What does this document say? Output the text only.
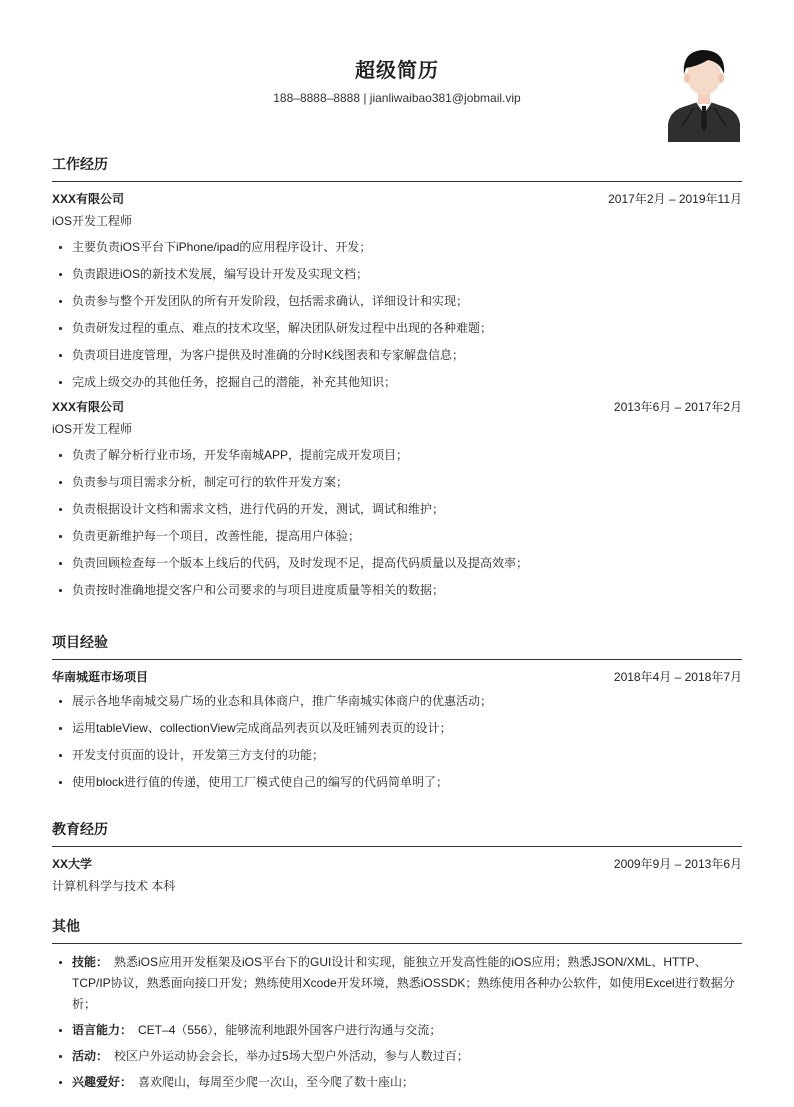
超级简历
188–8888–8888 | jianliwaibao381@jobmail.vip
工作经历
XXX有限公司	2017年2月 – 2019年11月
iOS开发工程师
• 主要负责iOS平台下iPhone/ipad的应用程序设计、开发；
• 负责跟进iOS的新技术发展，编写设计开发及实现文档；
• 负责参与整个开发团队的所有开发阶段，包括需求确认，详细设计和实现；
• 负责研发过程的重点、难点的技术攻坚，解决团队研发过程中出现的各种难题；
• 负责项目进度管理，为客户提供及时准确的分时K线图表和专家解盘信息；
• 完成上级交办的其他任务，挖掘自己的潜能，补充其他知识；
XXX有限公司	2013年6月 – 2017年2月
iOS开发工程师
• 负责了解分析行业市场，开发华南城APP，提前完成开发项目；
• 负责参与项目需求分析，制定可行的软件开发方案；
• 负责根据设计文档和需求文档，进行代码的开发，测试，调试和维护；
• 负责更新维护每一个项目，改善性能，提高用户体验；
• 负责回顾检查每一个版本上线后的代码，及时发现不足，提高代码质量以及提高效率；
• 负责按时准确地提交客户和公司要求的与项目进度质量等相关的数据；
项目经验
华南城逛市场项目	2018年4月 – 2018年7月
• 展示各地华南城交易广场的业态和具体商户，推广华南城实体商户的优惠活动；
• 运用tableView、collectionView完成商品列表页以及旺铺列表页的设计；
• 开发支付页面的设计，开发第三方支付的功能；
• 使用block进行值的传递，使用工厂模式使自己的编写的代码简单明了；
教育经历
XX大学	2009年9月 – 2013年6月
计算机科学与技术 本科
其他
• 技能： 熟悉iOS应用开发框架及iOS平台下的GUI设计和实现，能独立开发高性能的iOS应用；熟悉JSON/XML、HTTP、TCP/IP协议，熟悉面向接口开发；熟练使用Xcode开发环境，熟悉iOSSDK；熟练使用各种办公软件，如使用Excel进行数据分析；
• 语言能力： CET–4（556），能够流利地跟外国客户进行沟通与交流；
• 活动： 校区户外运动协会会长，举办过5场大型户外活动，参与人数过百；
• 兴趣爱好： 喜欢爬山，每周至少爬一次山，至今爬了数十座山；
